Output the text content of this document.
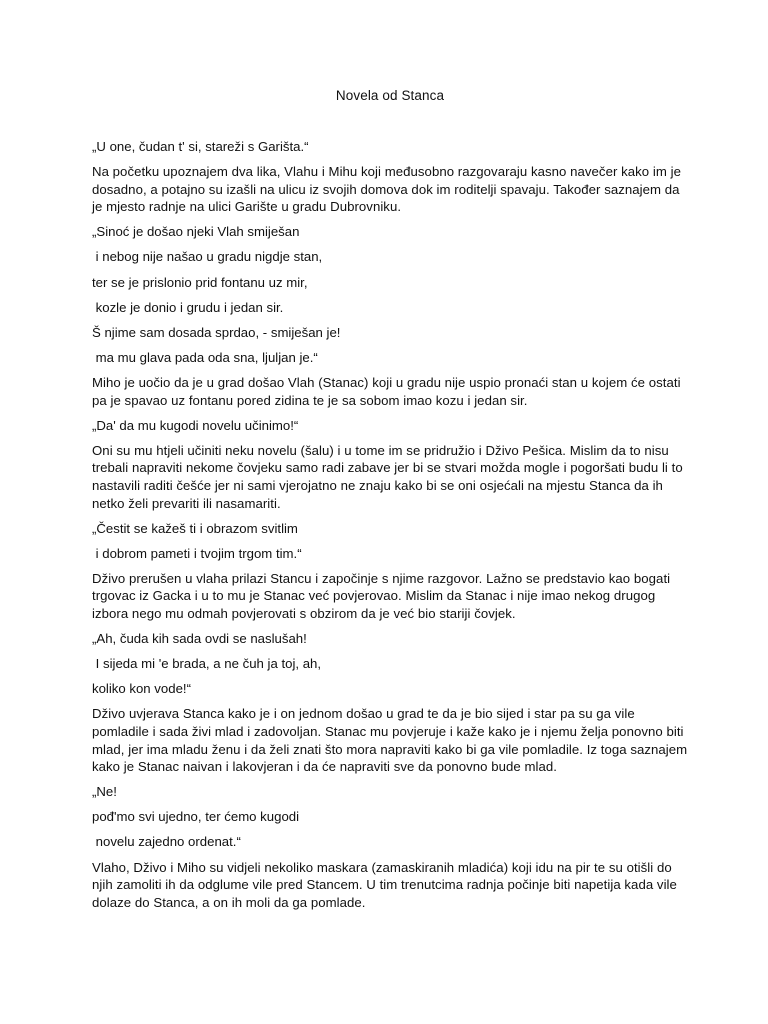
Novela od Stanca
„U one, čudan t' si, stareži s Garišta.“
Na početku upoznajem dva lika, Vlahu i Mihu koji međusobno razgovaraju kasno navečer kako im je dosadno, a potajno su izašli na ulicu iz svojih domova dok im roditelji spavaju. Također saznajem da je mjesto radnje na ulici Garište u gradu Dubrovniku.
„Sinoć je došao njeki Vlah smiješan
i nebog nije našao u gradu nigdje stan,
ter se je prislonio prid fontanu uz mir,
kozle je donio i grudu i jedan sir.
Š njime sam dosada sprdao, - smiješan je!
ma mu glava pada oda sna, ljuljan je.“
Miho je uočio da je u grad došao Vlah (Stanac) koji u gradu nije uspio pronaći stan u kojem će ostati pa je spavao uz fontanu pored zidina te je sa sobom imao kozu i jedan sir.
„Da' da mu kugodi novelu učinimo!“
Oni su mu htjeli učiniti neku novelu (šalu) i u tome im se pridružio i Dživo Pešica. Mislim da to nisu trebali napraviti nekome čovjeku samo radi zabave jer bi se stvari možda mogle i pogoršati budu li to nastavili raditi češće jer ni sami vjerojatno ne znaju kako bi se oni osjećali na mjestu Stanca da ih netko želi prevariti ili nasamariti.
„Čestit se kažeš ti i obrazom svitlim
i dobrom pameti i tvojim trgom tim.“
Dživo prerušen u vlaha prilazi Stancu i započinje s njime razgovor. Lažno se predstavio kao bogati trgovac iz Gacka i u to mu je Stanac već povjerovao. Mislim da Stanac i nije imao nekog drugog izbora nego mu odmah povjerovati s obzirom da je već bio stariji čovjek.
„Ah, čuda kih sada ovdi se naslušah!
I sijeda mi 'e brada, a ne čuh ja toj, ah,
koliko kon vode!“
Dživo uvjerava Stanca kako je i on jednom došao u grad te da je bio sijed i star pa su ga vile pomladile i sada živi mlad i zadovoljan. Stanac mu povjeruje i kaže kako je i njemu želja ponovno biti mlad, jer ima mladu ženu i da želi znati što mora napraviti kako bi ga vile pomladile. Iz toga saznajem kako je Stanac naivan i lakovjeran i da će napraviti sve da ponovno bude mlad.
„Ne!
pođ'mo svi ujedno, ter ćemo kugodi
novelu zajedno ordenat.“
Vlaho, Dživo i Miho su vidjeli nekoliko maskara (zamaskiranih mladića) koji idu na pir te su otišli do njih zamoliti ih da odglume vile pred Stancem. U tim trenutcima radnja počinje biti napetija kada vile dolaze do Stanca, a on ih moli da ga pomlade.
